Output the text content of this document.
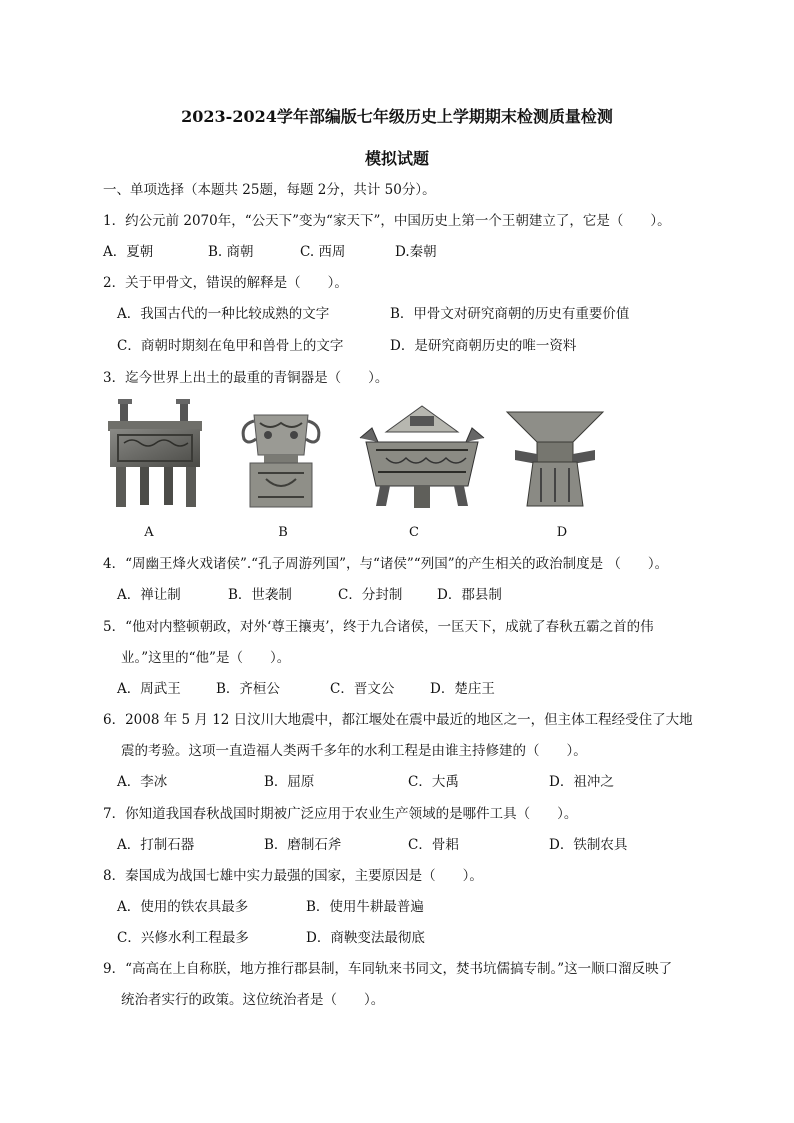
2023-2024学年部编版七年级历史上学期期末检测质量检测
模拟试题
一、单项选择（本题共 25题，每题 2分，共计 50分）。
1．约公元前 2070年，“公天下”变为“家天下”，中国历史上第一个王朝建立了，它是（　　）。
A．夏朝	B. 商朝	C. 西周	D.秦朝
2．关于甲骨文，错误的解释是（　　）。
A．我国古代的一种比较成熟的文字	B．甲骨文对研究商朝的历史有重要价值
C．商朝时期刻在龟甲和兽骨上的文字	D．是研究商朝历史的唯一资料
3．迄今世界上出土的最重的青铜器是（　　）。
A	B	C	D
4．“周幽王烽火戏诸侯”.“孔子周游列国”，与“诸侯”“列国”的产生相关的政治制度是 （　　）。
A．禅让制	B．世袭制	C．分封制	D．郡县制
5．“他对内整顿朝政，对外‘尊王攘夷’，终于九合诸侯，一匡天下，成就了春秋五霸之首的伟
业。”这里的“他”是（　　）。
A．周武王	B．齐桓公	C．晋文公	D．楚庄王
6．2008 年 5 月 12 日汶川大地震中，都江堰处在震中最近的地区之一，但主体工程经受住了大地
震的考验。这项一直造福人类两千多年的水利工程是由谁主持修建的（　　）。
A．李冰	B．屈原	C．大禹	D．祖冲之
7．你知道我国春秋战国时期被广泛应用于农业生产领域的是哪件工具（　　）。
A．打制石器	B．磨制石斧	C．骨耜	D．铁制农具
8．秦国成为战国七雄中实力最强的国家，主要原因是（　　）。
A．使用的铁农具最多	B．使用牛耕最普遍
C．兴修水利工程最多	D．商鞅变法最彻底
9．“高高在上自称朕，地方推行郡县制，车同轨来书同文，焚书坑儒搞专制。”这一顺口溜反映了
统治者实行的政策。这位统治者是（　　）。
